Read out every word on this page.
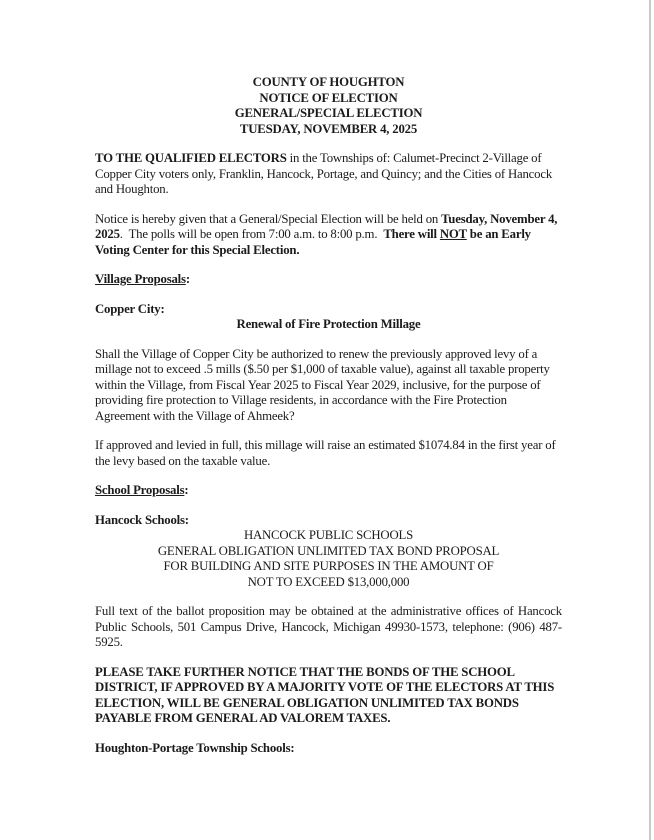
COUNTY OF HOUGHTON
NOTICE OF ELECTION
GENERAL/SPECIAL ELECTION
TUESDAY, NOVEMBER 4, 2025

TO THE QUALIFIED ELECTORS in the Townships of: Calumet-Precinct 2-Village of Copper City voters only, Franklin, Hancock, Portage, and Quincy; and the Cities of Hancock and Houghton.

Notice is hereby given that a General/Special Election will be held on Tuesday, November 4, 2025.  The polls will be open from 7:00 a.m. to 8:00 p.m.  There will NOT be an Early Voting Center for this Special Election.

Village Proposals:

Copper City:
Renewal of Fire Protection Millage

Shall the Village of Copper City be authorized to renew the previously approved levy of a millage not to exceed .5 mills ($.50 per $1,000 of taxable value), against all taxable property within the Village, from Fiscal Year 2025 to Fiscal Year 2029, inclusive, for the purpose of providing fire protection to Village residents, in accordance with the Fire Protection Agreement with the Village of Ahmeek?

If approved and levied in full, this millage will raise an estimated $1074.84 in the first year of the levy based on the taxable value.

School Proposals:

Hancock Schools:
HANCOCK PUBLIC SCHOOLS
GENERAL OBLIGATION UNLIMITED TAX BOND PROPOSAL
FOR BUILDING AND SITE PURPOSES IN THE AMOUNT OF
NOT TO EXCEED $13,000,000

Full text of the ballot proposition may be obtained at the administrative offices of Hancock Public Schools, 501 Campus Drive, Hancock, Michigan 49930-1573, telephone: (906) 487-5925.

PLEASE TAKE FURTHER NOTICE THAT THE BONDS OF THE SCHOOL DISTRICT, IF APPROVED BY A MAJORITY VOTE OF THE ELECTORS AT THIS ELECTION, WILL BE GENERAL OBLIGATION UNLIMITED TAX BONDS PAYABLE FROM GENERAL AD VALOREM TAXES.

Houghton-Portage Township Schools:
